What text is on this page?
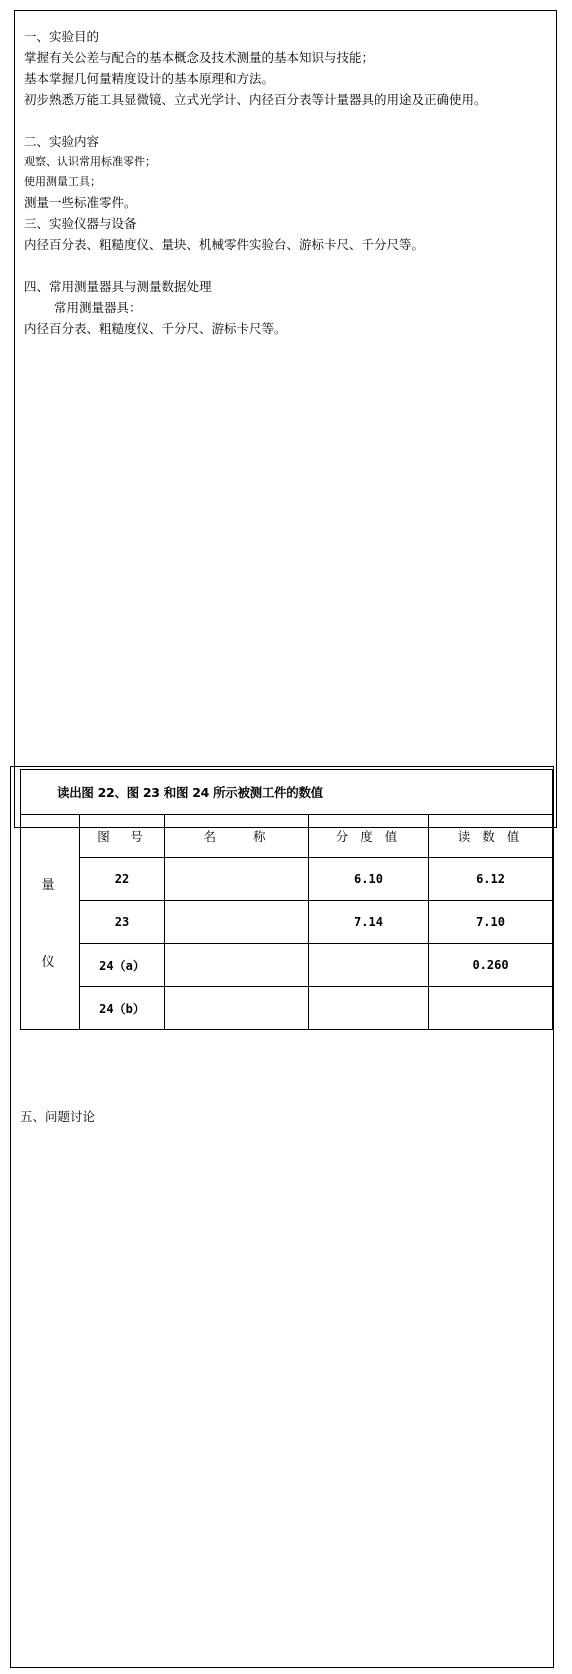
一、实验目的

掌握有关公差与配合的基本概念及技术测量的基本知识与技能；

基本掌握几何量精度设计的基本原理和方法。

初步熟悉万能工具显微镜、立式光学计、内径百分表等计量器具的用途及正确使用。

二、实验内容

观察、认识常用标准零件；

使用测量工具；

测量一些标准零件。

三、实验仪器与设备

内径百分表、粗糙度仪、量块、机械零件实验台、游标卡尺、千分尺等。

四、常用测量器具与测量数据处理

常用测量器具：

内径百分表、粗糙度仪、千分尺、游标卡尺等。

读出图 22、图 23 和图 24 所示被测工件的数值				

量
仪	图　号	名　　称	分 度 值	读 数 值
	22		6.10	6.12
	23		7.14	7.10
	24（a）			0.260
	24（b）			

五、问题讨论
